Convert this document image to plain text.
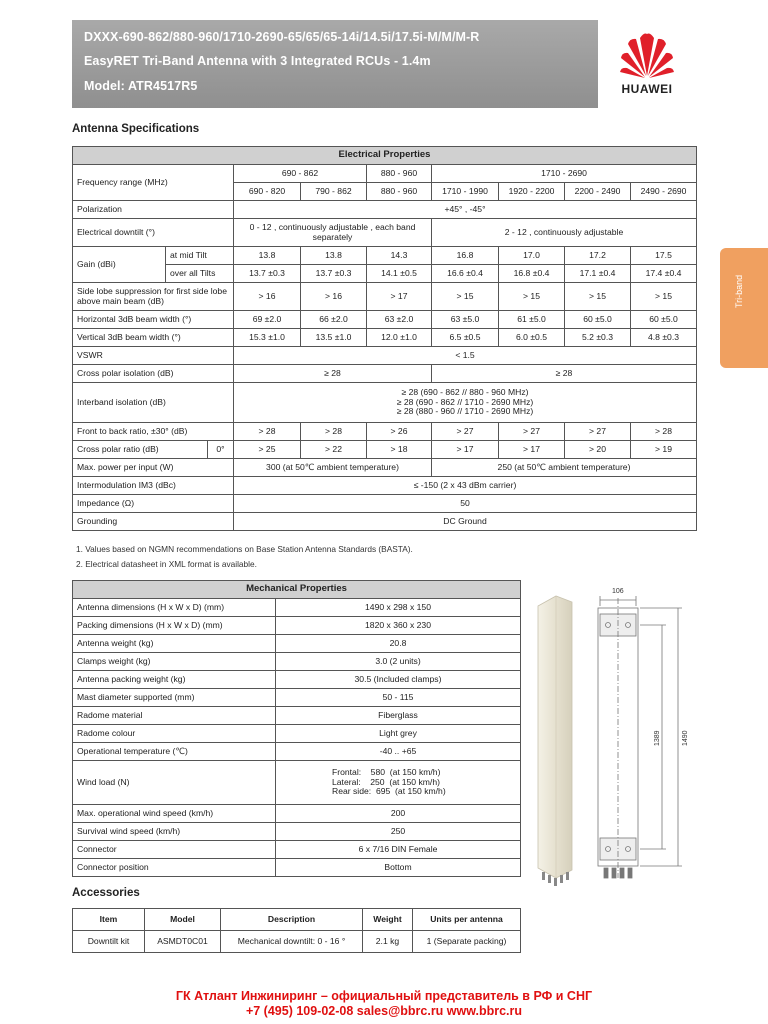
DXXX-690-862/880-960/1710-2690-65/65/65-14i/14.5i/17.5i-M/M/M-R
EasyRET Tri-Band Antenna with 3 Integrated RCUs - 1.4m
Model: ATR4517R5	HUAWEI
Antenna Specifications
Tri-band
Electrical Properties								
Frequency range (MHz)		690 - 862		880 - 960	1710 - 2690			
		690 - 820	790 - 862	880 - 960	1710 - 1990	1920 - 2200	2200 - 2490	2490 - 2690
Polarization		+45° , -45°						
Electrical downtilt (°)		0 - 12 , continuously adjustable , each band separately			2 - 12 , continuously adjustable			
Gain (dBi)	at mid Tilt	13.8	13.8	14.3	16.8	17.0	17.2	17.5
	over all Tilts	13.7 ±0.3	13.7 ±0.3	14.1 ±0.5	16.6 ±0.4	16.8 ±0.4	17.1 ±0.4	17.4 ±0.4
Side lobe suppression for first side lobe above main beam (dB)		> 16	> 16	> 17	> 15	> 15	> 15	> 15
Horizontal 3dB beam width (°)		69 ±2.0	66 ±2.0	63 ±2.0	63 ±5.0	61 ±5.0	60 ±5.0	60 ±5.0
Vertical 3dB beam width (°)		15.3 ±1.0	13.5 ±1.0	12.0 ±1.0	6.5 ±0.5	6.0 ±0.5	5.2 ±0.3	4.8 ±0.3
VSWR		< 1.5						
Cross polar isolation (dB)		≥ 28			≥ 28			
Interband isolation (dB)		≥ 28 (690 - 862 // 880 - 960 MHz)
≥ 28 (690 - 862 // 1710 - 2690 MHz)
≥ 28 (880 - 960 // 1710 - 2690 MHz)						

Front to back ratio, ±30° (dB)		> 28	> 28	> 26	> 27	> 27	> 27	> 28
Cross polar ratio (dB) 0°		> 25	> 22	> 18	> 17	> 17	> 20	> 19
Max. power per input (W)		300 (at 50℃ ambient temperature)			250 (at 50℃ ambient temperature)			
Intermodulation IM3 (dBc)		≤ -150 (2 x 43 dBm carrier)						
Impedance (Ω)		50						
Grounding		DC Ground						
1. Values based on NGMN recommendations on Base Station Antenna Standards (BASTA).
2. Electrical datasheet in XML format is available.
Mechanical Properties	
Antenna dimensions (H x W x D) (mm)	1490 x 298 x 150
Packing dimensions (H x W x D) (mm)	1820 x 360 x 230
Antenna weight (kg)	20.8
Clamps weight (kg)	3.0 (2 units)
Antenna packing weight (kg)	30.5 (Included clamps)
Mast diameter supported (mm)	50 - 115
Radome material	Fiberglass
Radome colour	Light grey
Operational temperature (℃)	-40 .. +65
Wind load (N)	Frontal:    580  (at 150 km/h)
Lateral:    250  (at 150 km/h)
Rear side:  695  (at 150 km/h)

Max. operational wind speed (km/h)	200
Survival wind speed (km/h)	250
Connector	6 x 7/16 DIN Female
Connector position	Bottom
106
1389	1490
Accessories
Item	Model	Description	Weight	Units per antenna
Downtilt kit	ASMDT0C01	Mechanical downtilt: 0 - 16 °	2.1 kg	1 (Separate packing)
ГК Атлант Инжиниринг – официальный представитель в РФ и СНГ
+7 (495) 109-02-08 sales@bbrc.ru www.bbrc.ru
